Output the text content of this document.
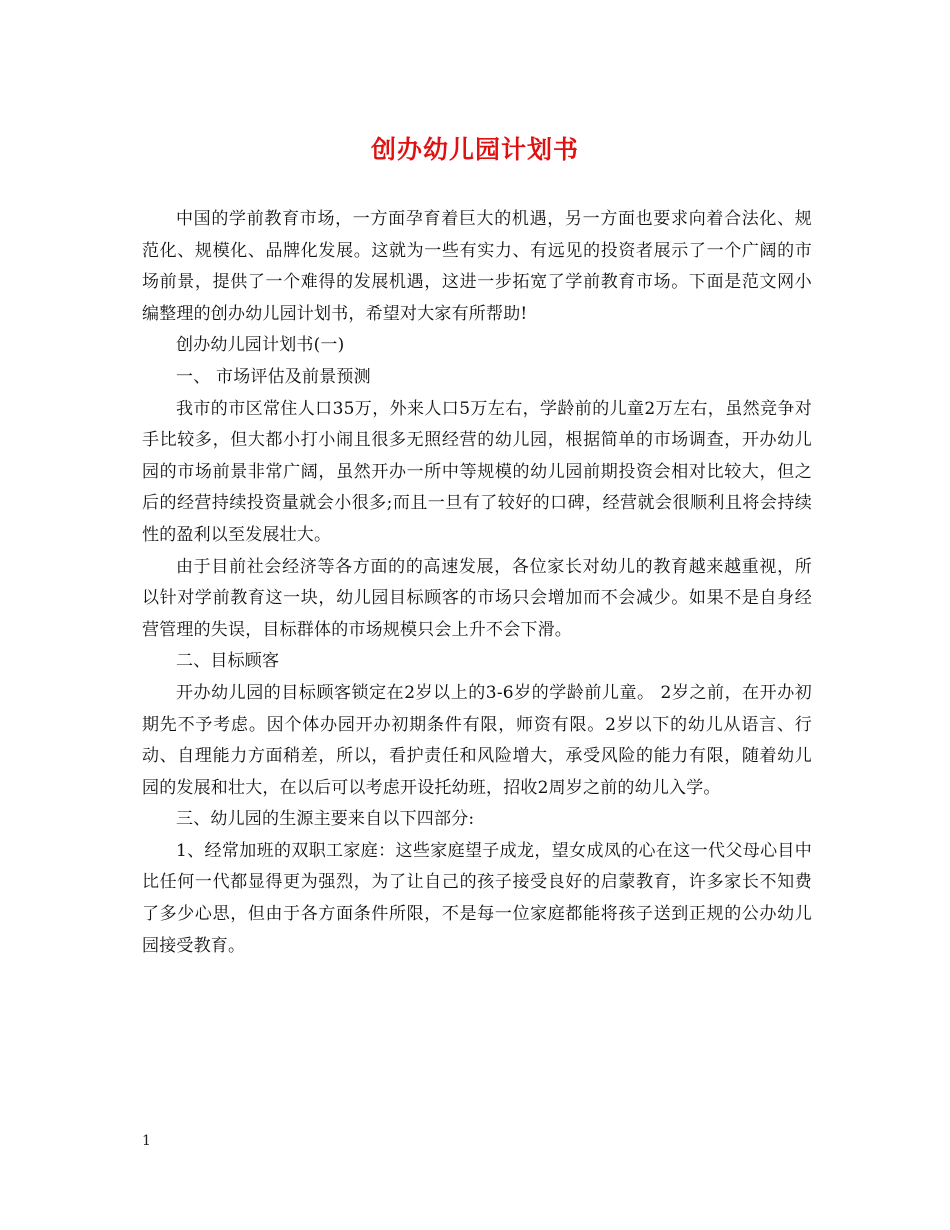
创办幼儿园计划书

中国的学前教育市场，一方面孕育着巨大的机遇，另一方面也要求向着合法化、规范化、规模化、品牌化发展。这就为一些有实力、有远见的投资者展示了一个广阔的市场前景，提供了一个难得的发展机遇，这进一步拓宽了学前教育市场。下面是范文网小编整理的创办幼儿园计划书，希望对大家有所帮助!

创办幼儿园计划书(一)

一、 市场评估及前景预测

我市的市区常住人口35万，外来人口5万左右，学龄前的儿童2万左右，虽然竞争对手比较多，但大都小打小闹且很多无照经营的幼儿园，根据简单的市场调查，开办幼儿园的市场前景非常广阔，虽然开办一所中等规模的幼儿园前期投资会相对比较大，但之后的经营持续投资量就会小很多;而且一旦有了较好的口碑，经营就会很顺利且将会持续性的盈利以至发展壮大。

由于目前社会经济等各方面的的高速发展，各位家长对幼儿的教育越来越重视，所以针对学前教育这一块，幼儿园目标顾客的市场只会增加而不会减少。如果不是自身经营管理的失误，目标群体的市场规模只会上升不会下滑。

二、目标顾客

开办幼儿园的目标顾客锁定在2岁以上的3-6岁的学龄前儿童。 2岁之前，在开办初期先不予考虑。因个体办园开办初期条件有限，师资有限。2岁以下的幼儿从语言、行动、自理能力方面稍差，所以，看护责任和风险增大，承受风险的能力有限，随着幼儿园的发展和壮大，在以后可以考虑开设托幼班，招收2周岁之前的幼儿入学。

三、幼儿园的生源主要来自以下四部分:

1、经常加班的双职工家庭：这些家庭望子成龙，望女成凤的心在这一代父母心目中比任何一代都显得更为强烈，为了让自己的孩子接受良好的启蒙教育，许多家长不知费了多少心思，但由于各方面条件所限，不是每一位家庭都能将孩子送到正规的公办幼儿园接受教育。

1
